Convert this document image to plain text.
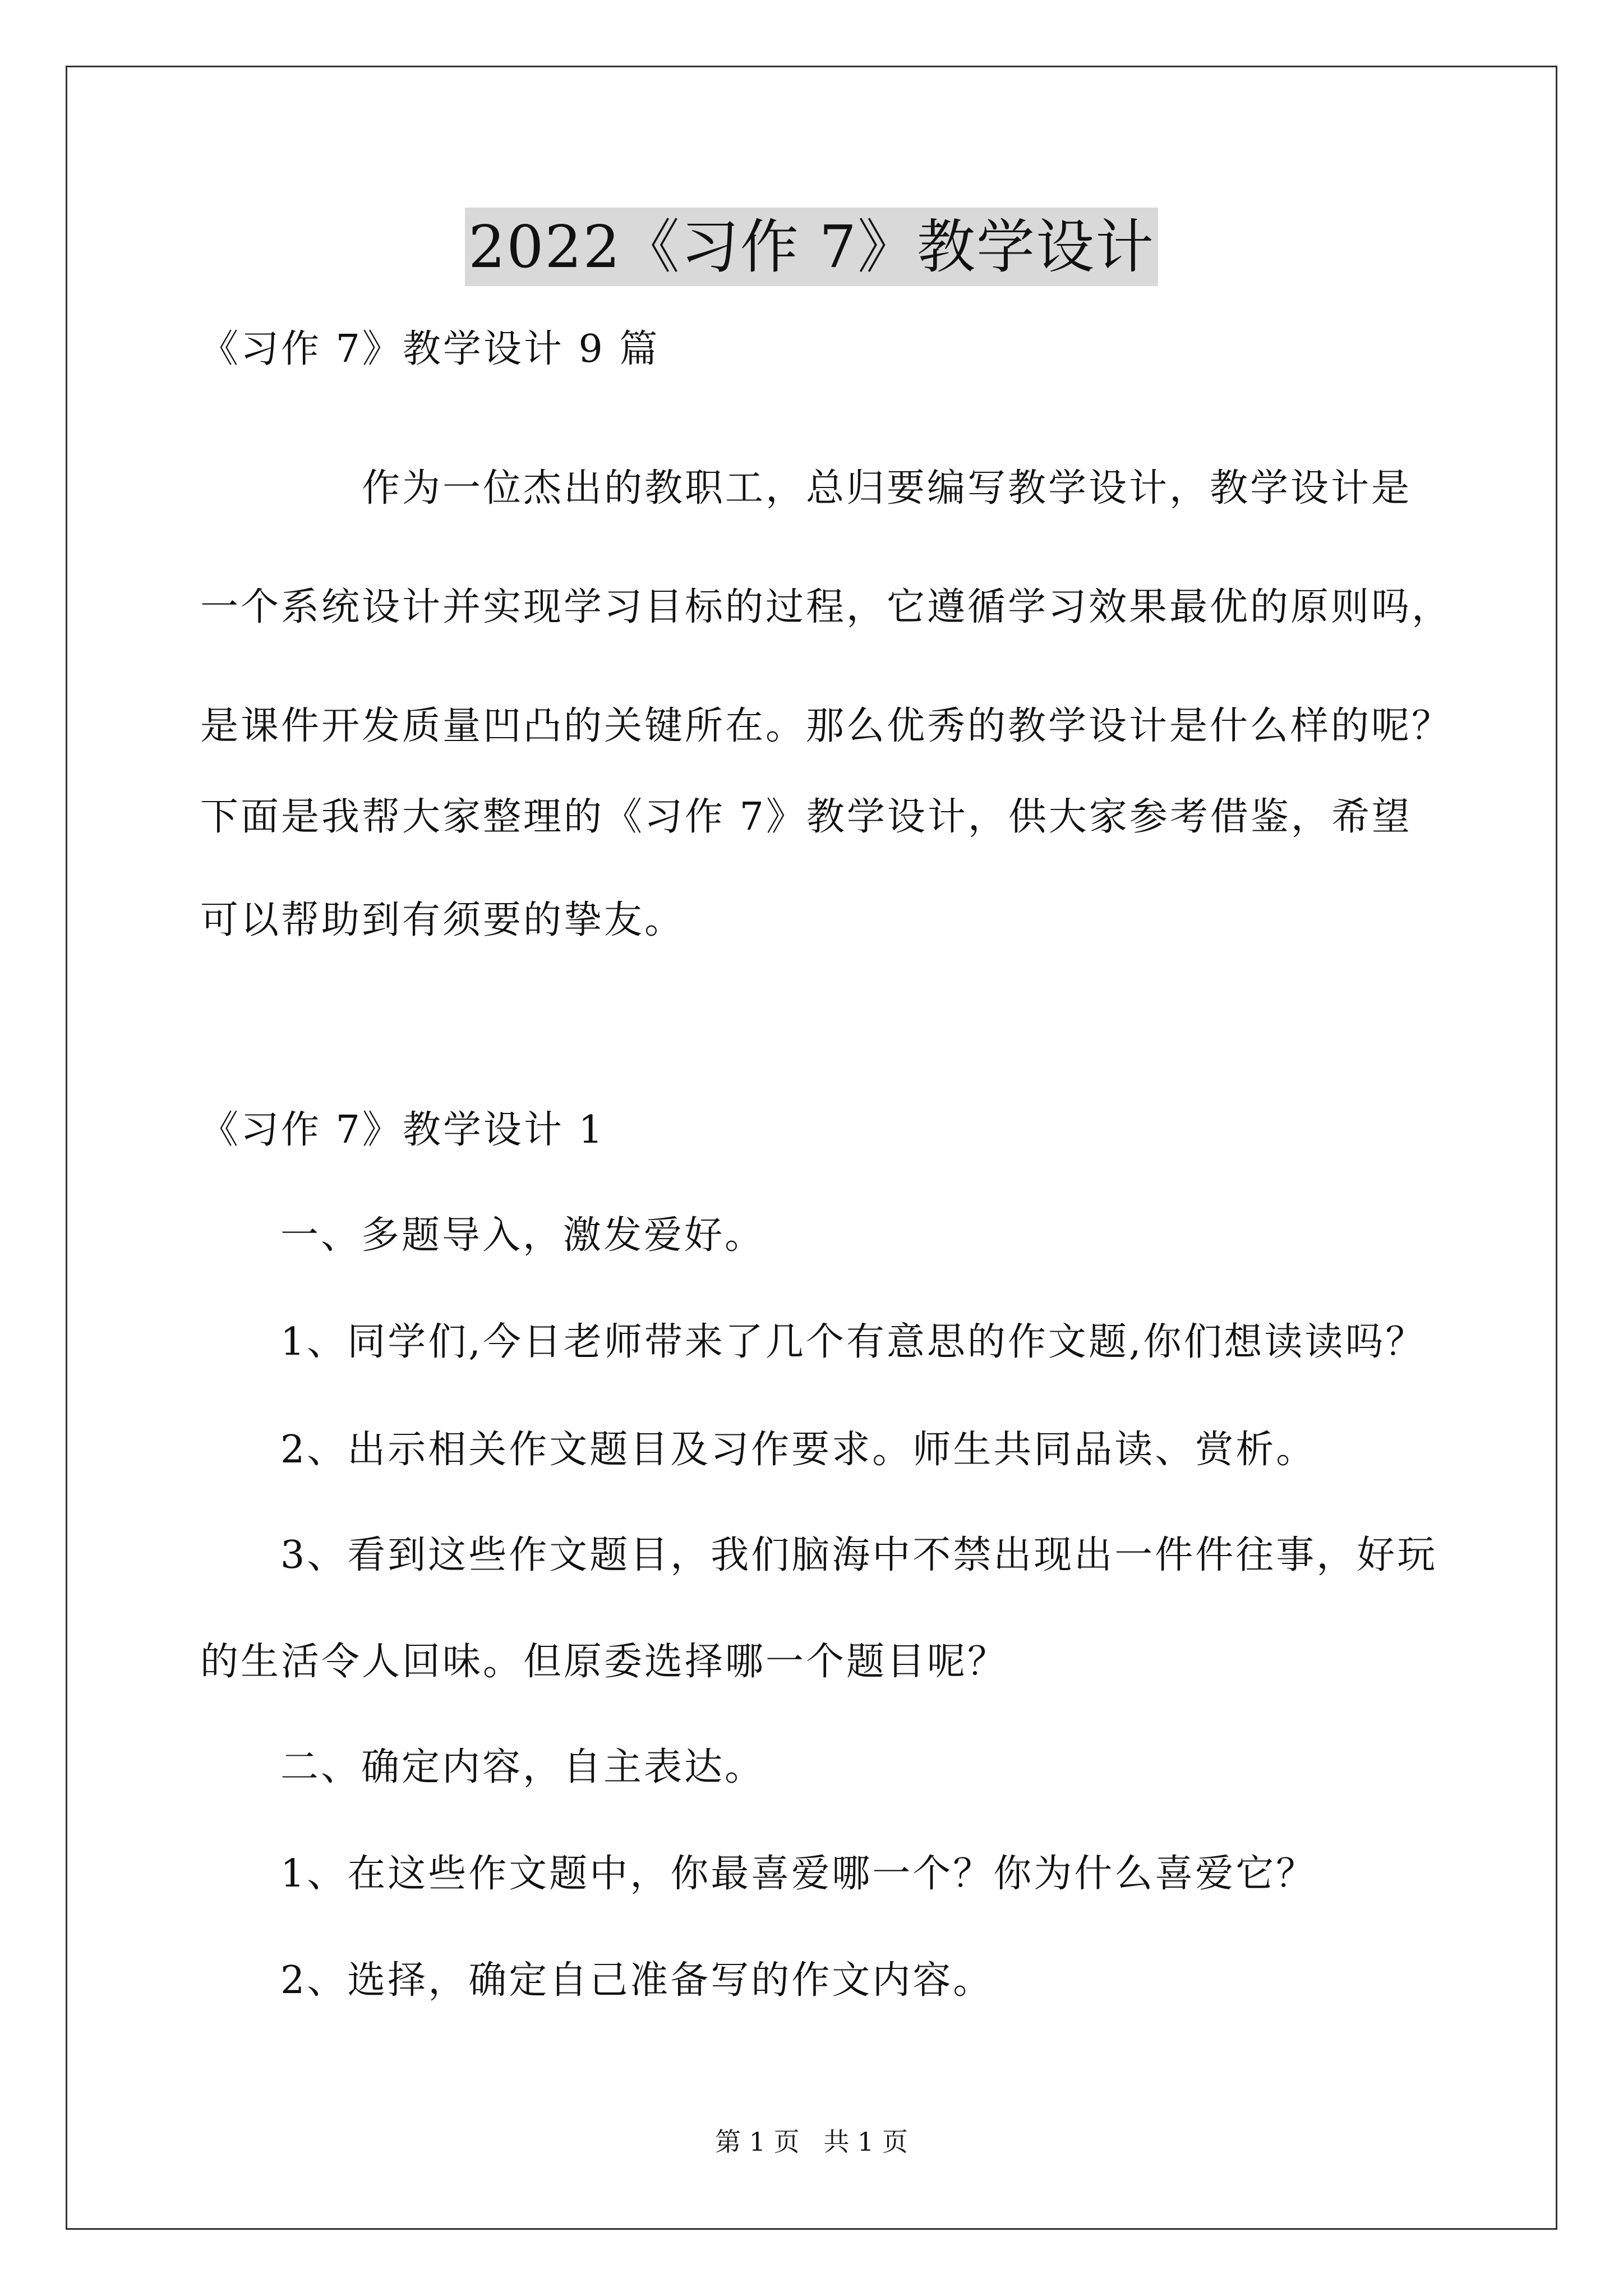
2022《习作 7》教学设计
《习作 7》教学设计 9 篇
作为一位杰出的教职工，总归要编写教学设计，教学设计是
一个系统设计并实现学习目标的过程，它遵循学习效果最优的原则吗，
是课件开发质量凹凸的关键所在。那么优秀的教学设计是什么样的呢？
下面是我帮大家整理的《习作 7》教学设计，供大家参考借鉴，希望
可以帮助到有须要的挚友。
《习作 7》教学设计 1
一、多题导入，激发爱好。
1、同学们,今日老师带来了几个有意思的作文题,你们想读读吗？
2、出示相关作文题目及习作要求。师生共同品读、赏析。
3、看到这些作文题目，我们脑海中不禁出现出一件件往事，好玩
的生活令人回味。但原委选择哪一个题目呢？
二、确定内容，自主表达。
1、在这些作文题中，你最喜爱哪一个？你为什么喜爱它？
2、选择，确定自己准备写的作文内容。
第 1 页 共 1 页
